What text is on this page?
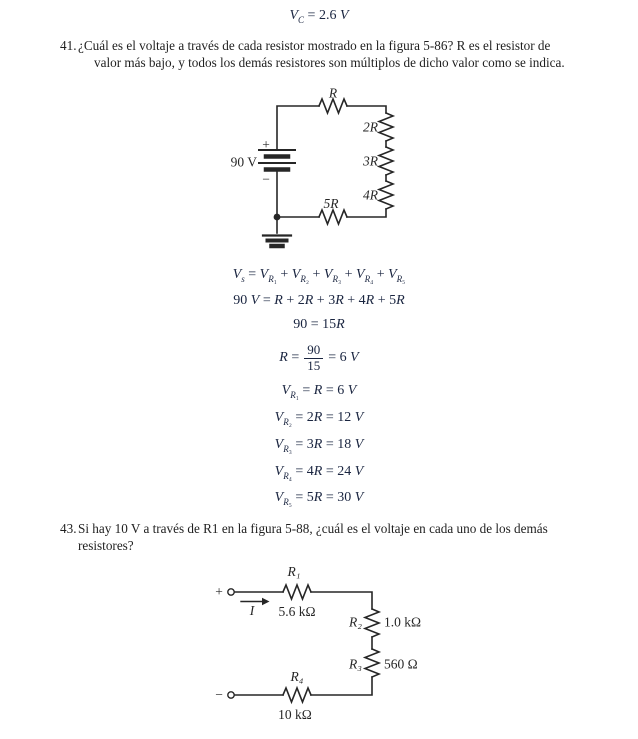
$V_C = 2.6$ V
41. ¿Cuál es el voltaje a través de cada resistor mostrado en la figura 5-86? R es el resistor de
valor más bajo, y todos los demás resistores son múltiplos de dicho valor como se indica.
+
−
90 V
R
2R
3R
4R
5R
$V_s = V_{R_1} + V_{R_2} + V_{R_3} + V_{R_4} + V_{R_5}$
90 V = R + 2R + 3R + 4R + 5R
90 = 15R
$R = \frac{90}{15} = 6$ V
$V_{R_1} = R = 6$ V
$V_{R_2} = 2R = 12$ V
$V_{R_3} = 3R = 18$ V
$V_{R_4} = 4R = 24$ V
$V_{R_5} = 5R = 30$ V
43. Si hay 10 V a través de R1 en la figura 5-88, ¿cuál es el voltaje en cada uno de los demás
resistores?
+
−
I
R₁
5.6 kΩ
R₂ 1.0 kΩ
R₃ 560 Ω
R₄
10 kΩ
